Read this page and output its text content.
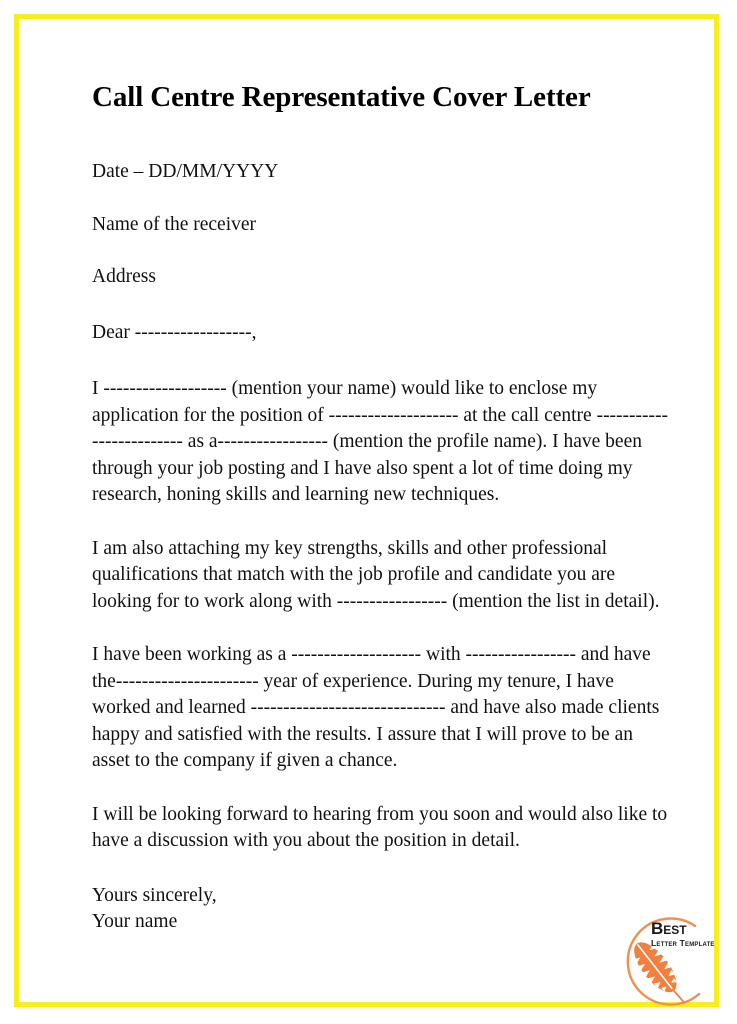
Call Centre Representative Cover Letter

Date – DD/MM/YYYY

Name of the receiver

Address

Dear ------------------,

I ------------------- (mention your name) would like to enclose my application for the position of -------------------- at the call centre ------------------------- as a----------------- (mention the profile name). I have been through your job posting and I have also spent a lot of time doing my research, honing skills and learning new techniques.

I am also attaching my key strengths, skills and other professional qualifications that match with the job profile and candidate you are looking for to work along with ----------------- (mention the list in detail).

I have been working as a -------------------- with ----------------- and have the---------------------- year of experience. During my tenure, I have worked and learned ------------------------------ and have also made clients happy and satisfied with the results. I assure that I will prove to be an asset to the company if given a chance.

I will be looking forward to hearing from you soon and would also like to have a discussion with you about the position in detail.

Yours sincerely,
Your name	Best
Letter Template
